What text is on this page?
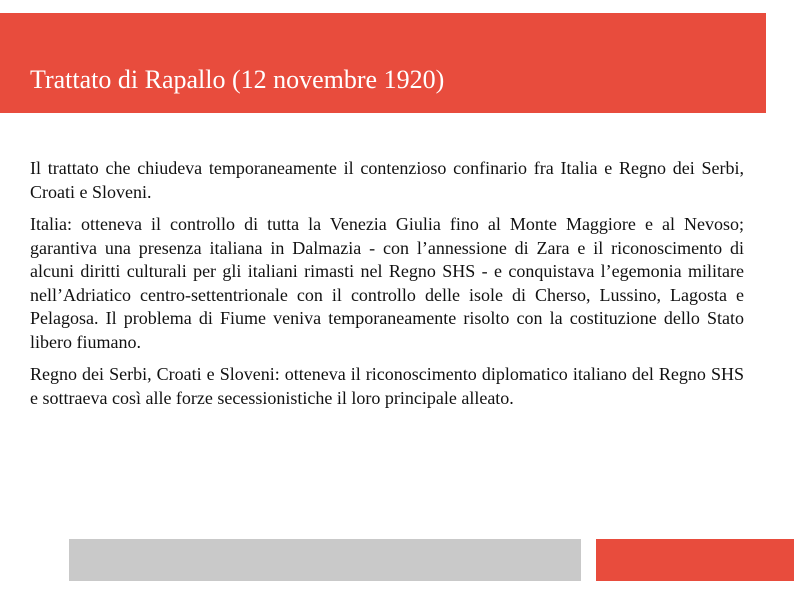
Trattato di Rapallo (12 novembre 1920)

Il trattato che chiudeva temporaneamente il contenzioso confinario fra Italia e Regno dei Serbi, Croati e Sloveni.

Italia: otteneva il controllo di tutta la Venezia Giulia fino al Monte Maggiore e al Nevoso; garantiva una presenza italiana in Dalmazia - con l’annessione di Zara e il riconoscimento di alcuni diritti culturali per gli italiani rimasti nel Regno SHS - e conquistava l’egemonia militare nell’Adriatico centro-settentrionale con il controllo delle isole di Cherso, Lussino, Lagosta e Pelagosa. Il problema di Fiume veniva temporaneamente risolto con la costituzione dello Stato libero fiumano.

Regno dei Serbi, Croati e Sloveni: otteneva il riconoscimento diplomatico italiano del Regno SHS e sottraeva così alle forze secessionistiche il loro principale alleato.
